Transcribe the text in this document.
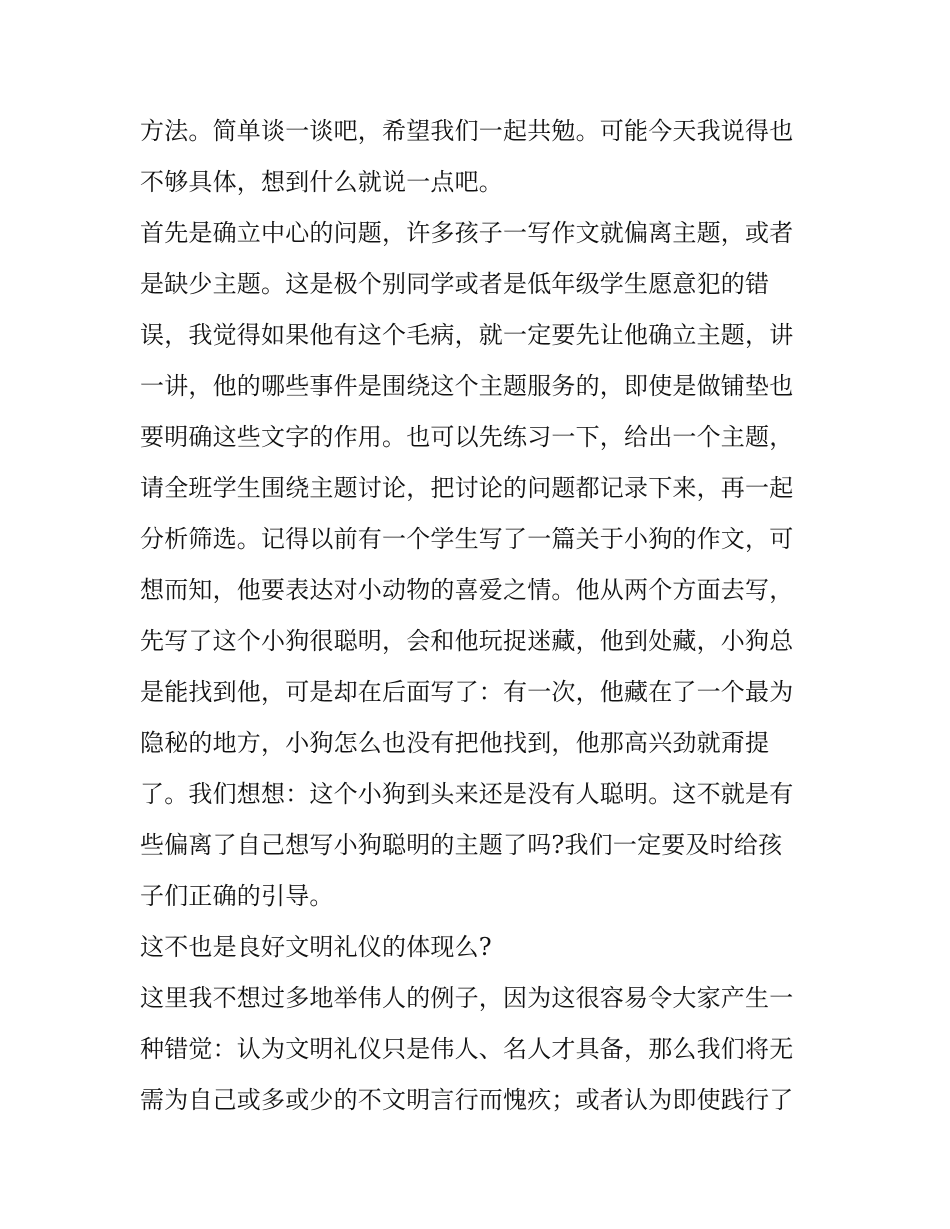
方法。简单谈一谈吧，希望我们一起共勉。可能今天我说得也
不够具体，想到什么就说一点吧。
首先是确立中心的问题，许多孩子一写作文就偏离主题，或者
是缺少主题。这是极个别同学或者是低年级学生愿意犯的错
误，我觉得如果他有这个毛病，就一定要先让他确立主题，讲
一讲，他的哪些事件是围绕这个主题服务的，即使是做铺垫也
要明确这些文字的作用。也可以先练习一下，给出一个主题，
请全班学生围绕主题讨论，把讨论的问题都记录下来，再一起
分析筛选。记得以前有一个学生写了一篇关于小狗的作文，可
想而知，他要表达对小动物的喜爱之情。他从两个方面去写，
先写了这个小狗很聪明，会和他玩捉迷藏，他到处藏，小狗总
是能找到他，可是却在后面写了：有一次，他藏在了一个最为
隐秘的地方，小狗怎么也没有把他找到，他那高兴劲就甭提
了。我们想想：这个小狗到头来还是没有人聪明。这不就是有
些偏离了自己想写小狗聪明的主题了吗?我们一定要及时给孩
子们正确的引导。
这不也是良好文明礼仪的体现么?
这里我不想过多地举伟人的例子，因为这很容易令大家产生一
种错觉：认为文明礼仪只是伟人、名人才具备，那么我们将无
需为自己或多或少的不文明言行而愧疚；或者认为即使践行了
